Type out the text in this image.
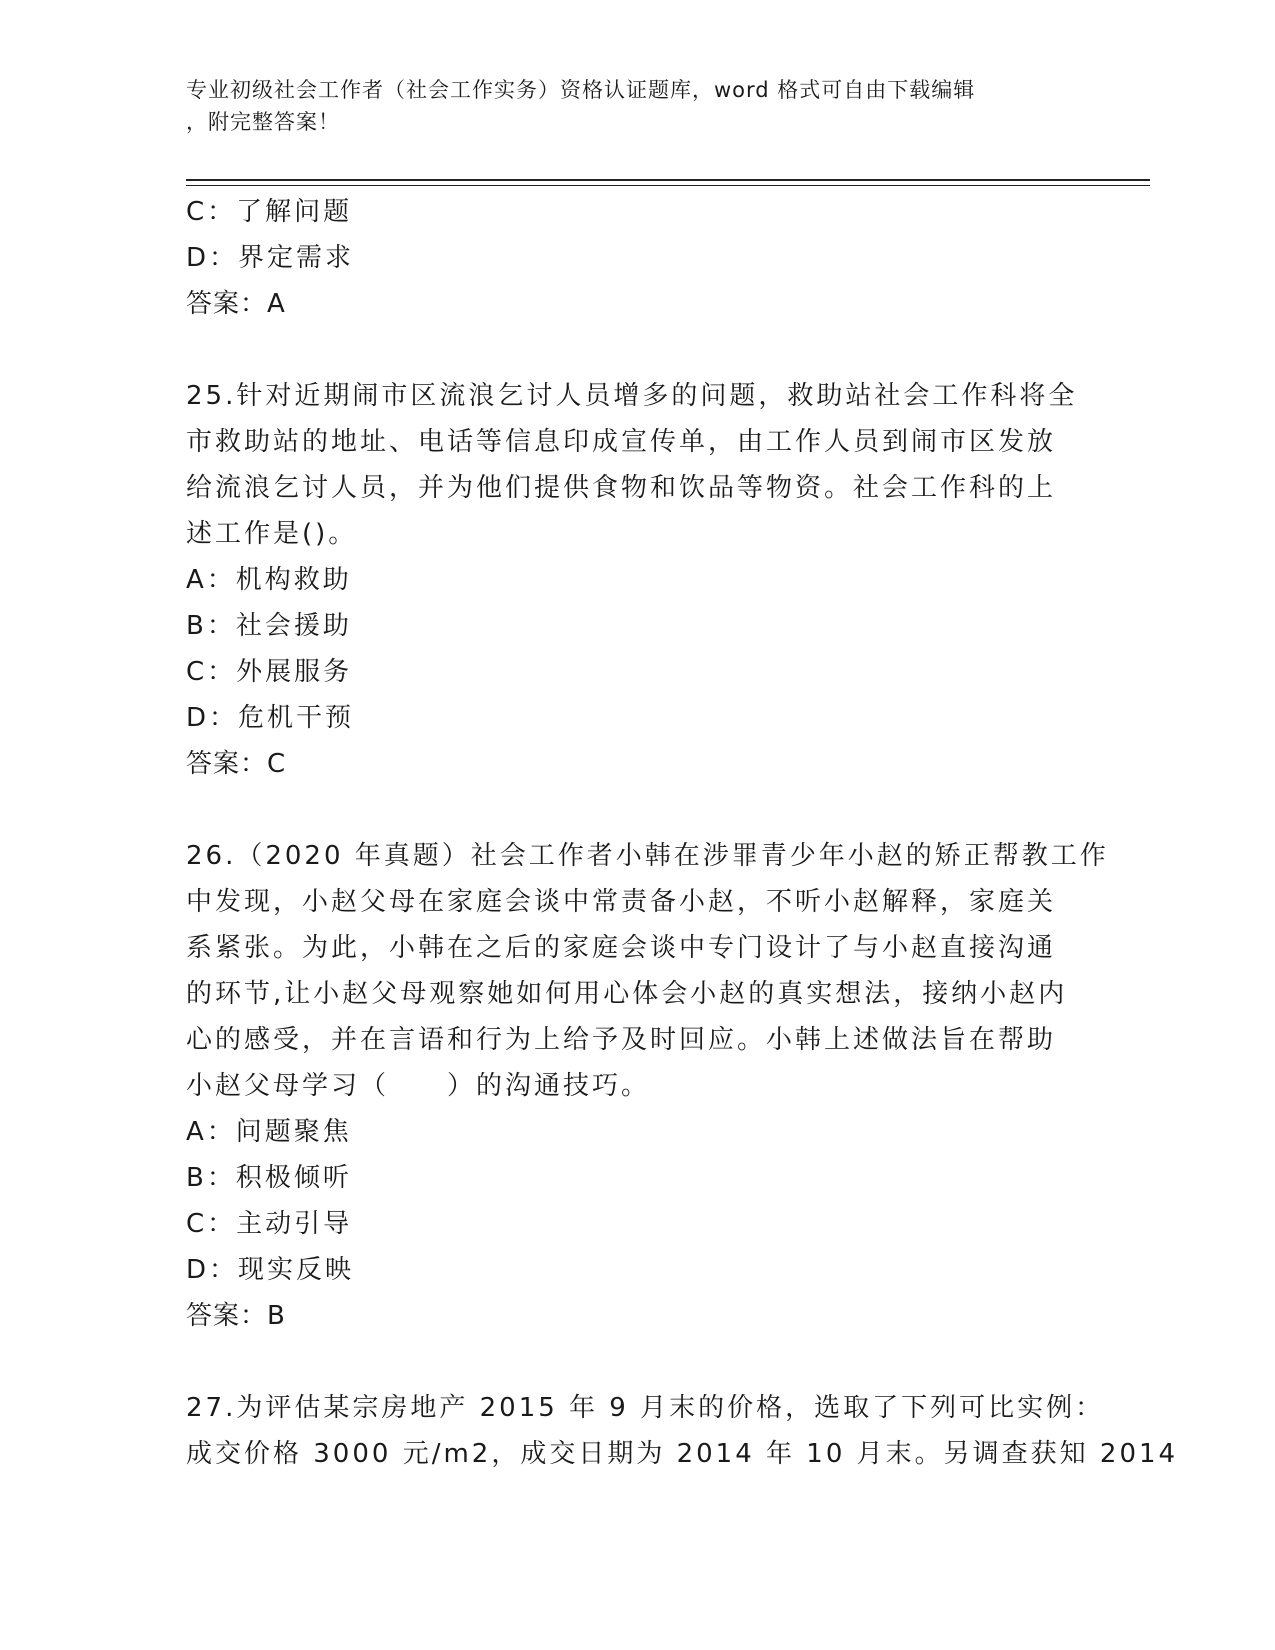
专业初级社会工作者（社会工作实务）资格认证题库，word 格式可自由下载编辑
，附完整答案！
C：了解问题
D：界定需求
答案：A
25.针对近期闹市区流浪乞讨人员增多的问题，救助站社会工作科将全
市救助站的地址、电话等信息印成宣传单，由工作人员到闹市区发放
给流浪乞讨人员，并为他们提供食物和饮品等物资。社会工作科的上
述工作是()。
A：机构救助
B：社会援助
C：外展服务
D：危机干预
答案：C
26.（2020 年真题）社会工作者小韩在涉罪青少年小赵的矫正帮教工作
中发现，小赵父母在家庭会谈中常责备小赵，不听小赵解释，家庭关
系紧张。为此，小韩在之后的家庭会谈中专门设计了与小赵直接沟通
的环节,让小赵父母观察她如何用心体会小赵的真实想法，接纳小赵内
心的感受，并在言语和行为上给予及时回应。小韩上述做法旨在帮助
小赵父母学习（　　）的沟通技巧。
A：问题聚焦
B：积极倾听
C：主动引导
D：现实反映
答案：B
27.为评估某宗房地产 2015 年 9 月末的价格，选取了下列可比实例：
成交价格 3000 元/m2，成交日期为 2014 年 10 月末。另调查获知 2014
